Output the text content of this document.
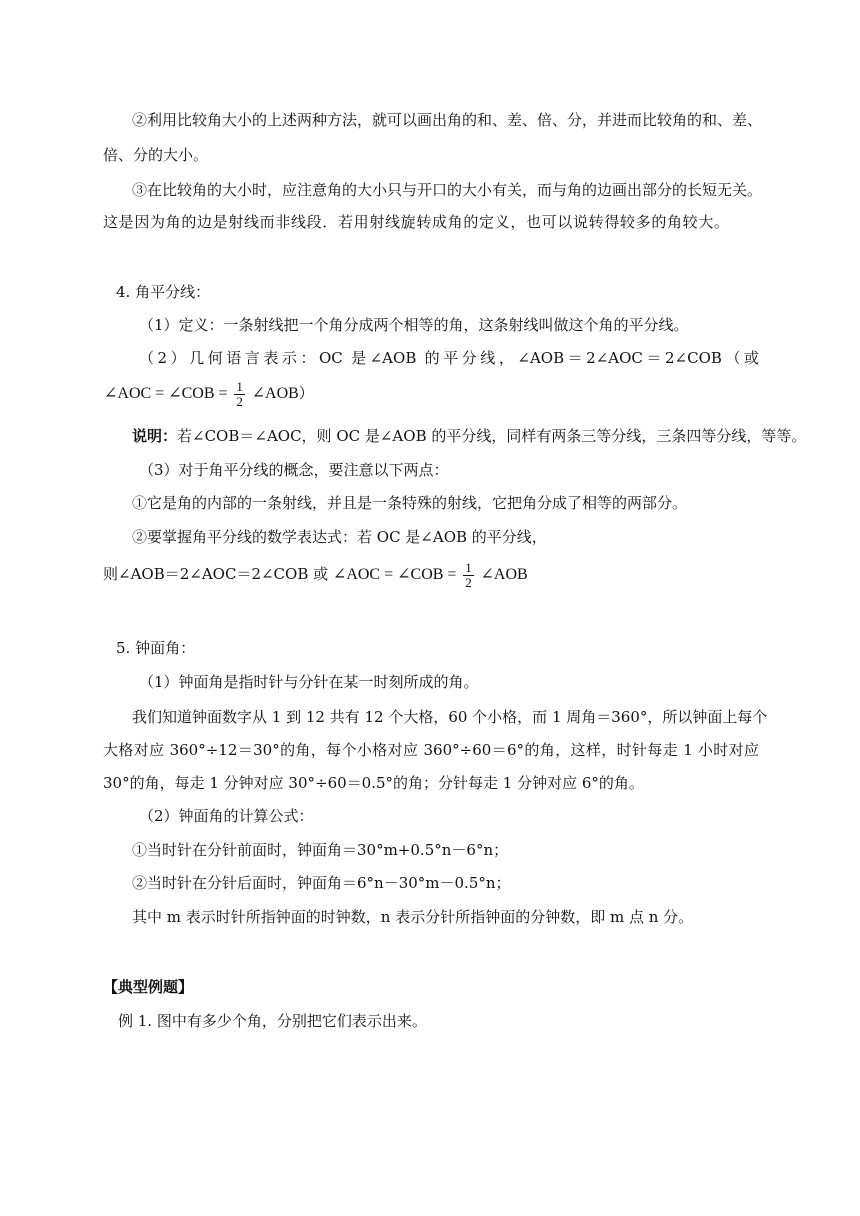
②利用比较角大小的上述两种方法，就可以画出角的和、差、倍、分，并进而比较角的和、差、
倍、分的大小。
③在比较角的大小时，应注意角的大小只与开口的大小有关，而与角的边画出部分的长短无关。
这是因为角的边是射线而非线段．若用射线旋转成角的定义，也可以说转得较多的角较大。
4. 角平分线：
（1）定义：一条射线把一个角分成两个相等的角，这条射线叫做这个角的平分线。
（2）几何语言表示：OC 是∠AOB 的平分线，∠AOB＝2∠AOC＝2∠COB（或
∠AOC = ∠COB = $\frac{1}{2}$ ∠AOB）
说明：若∠COB＝∠AOC，则 OC 是∠AOB 的平分线，同样有两条三等分线，三条四等分线，等等。
（3）对于角平分线的概念，要注意以下两点：
①它是角的内部的一条射线，并且是一条特殊的射线，它把角分成了相等的两部分。
②要掌握角平分线的数学表达式：若 OC 是∠AOB 的平分线，
则∠AOB＝2∠AOC＝2∠COB 或 ∠AOC = ∠COB = $\frac{1}{2}$ ∠AOB
5. 钟面角：
（1）钟面角是指时针与分针在某一时刻所成的角。
我们知道钟面数字从 1 到 12 共有 12 个大格，60 个小格，而 1 周角＝360°，所以钟面上每个
大格对应 360°÷12＝30°的角，每个小格对应 360°÷60＝6°的角，这样，时针每走 1 小时对应
30°的角，每走 1 分钟对应 30°÷60＝0.5°的角；分针每走 1 分钟对应 6°的角。
（2）钟面角的计算公式：
①当时针在分针前面时，钟面角＝30°m+0.5°n－6°n；
②当时针在分针后面时，钟面角＝6°n－30°m－0.5°n；
其中 m 表示时针所指钟面的时钟数，n 表示分针所指钟面的分钟数，即 m 点 n 分。
【典型例题】
例 1. 图中有多少个角，分别把它们表示出来。
